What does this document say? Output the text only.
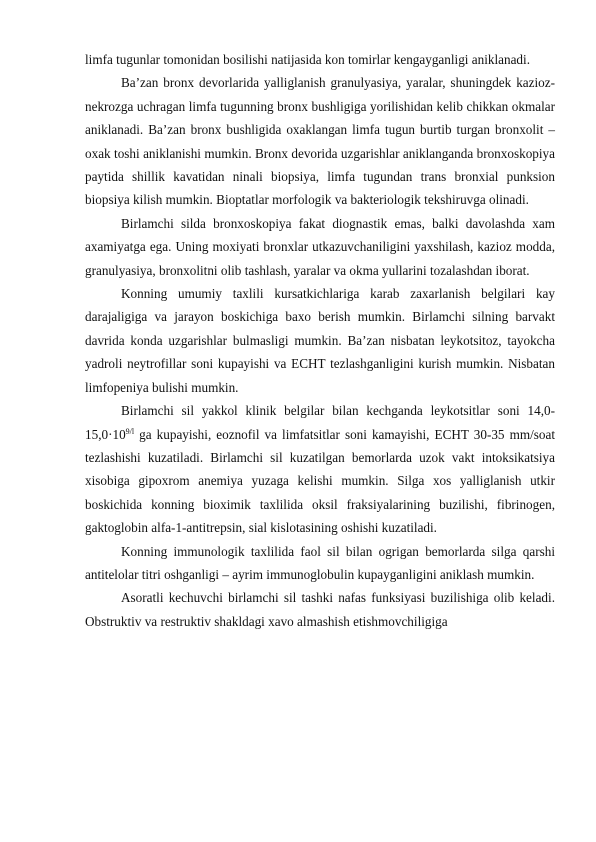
limfa tugunlar tomonidan bosilishi natijasida kon tomirlar kengayganligi aniklanadi.

Ba’zan bronx devorlarida yalliglanish granulyasiya, yaralar, shuningdek kazioz-nekrozga uchragan limfa tugunning bronx bushligiga yorilishidan kelib chikkan okmalar aniklanadi. Ba’zan bronx bushligida oxaklangan limfa tugun burtib turgan bronxolit – oxak toshi aniklanishi mumkin. Bronx devorida uzgarishlar aniklanganda bronxoskopiya paytida shillik kavatidan ninali biopsiya, limfa tugundan trans bronxial punksion biopsiya kilish mumkin. Bioptatlar morfologik va bakteriologik tekshiruvga olinadi.

Birlamchi silda bronxoskopiya fakat diognastik emas, balki davolashda xam axamiyatga ega. Uning moxiyati bronxlar utkazuvchaniligini yaxshilash, kazioz modda, granulyasiya, bronxolitni olib tashlash, yaralar va okma yullarini tozalashdan iborat.

Konning umumiy taxlili kursatkichlariga karab zaxarlanish belgilari kay darajaligiga va jarayon boskichiga baxo berish mumkin. Birlamchi silning barvakt davrida konda uzgarishlar bulmasligi mumkin. Ba’zan nisbatan leykotsitoz, tayokcha yadroli neytrofillar soni kupayishi va ECHT tezlashganligini kurish mumkin. Nisbatan limfopeniya bulishi mumkin.

Birlamchi sil yakkol klinik belgilar bilan kechganda leykotsitlar soni $14,0-15,0\cdot 10^{9/l}$ ga kupayishi, eoznofil va limfatsitlar soni kamayishi, ECHT 30-35 mm/soat tezlashishi kuzatiladi. Birlamchi sil kuzatilgan bemorlarda uzok vakt intoksikatsiya xisobiga gipoxrom anemiya yuzaga kelishi mumkin. Silga xos yalliglanish utkir boskichida konning bioximik taxlilida oksil fraksiyalarining buzilishi, fibrinogen, gaktoglobin alfa-1-antitrepsin, sial kislotasining oshishi kuzatiladi.

Konning immunologik taxlilida faol sil bilan ogrigan bemorlarda silga qarshi antitelolar titri oshganligi – ayrim immunoglobulin kupayganligini aniklash mumkin.

Asoratli kechuvchi birlamchi sil tashki nafas funksiyasi buzilishiga olib keladi. Obstruktiv va restruktiv shakldagi xavo almashish etishmovchiligiga
